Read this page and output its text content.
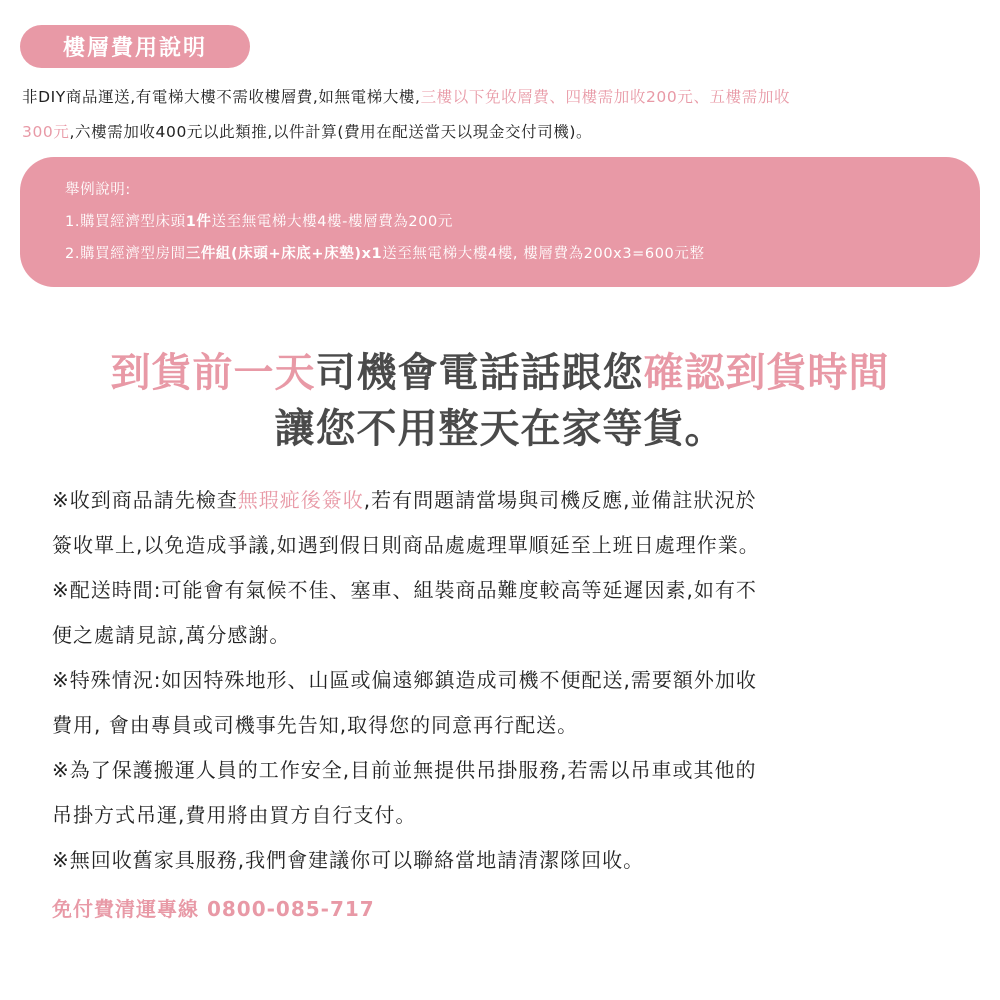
樓層費用說明
非DIY商品運送,有電梯大樓不需收樓層費,如無電梯大樓,三樓以下免收層費、四樓需加收200元、五樓需加收
300元,六樓需加收400元以此類推,以件計算(費用在配送當天以現金交付司機)。
舉例說明:
1.購買經濟型床頭1件送至無電梯大樓4樓-樓層費為200元
2.購買經濟型房間三件組(床頭+床底+床墊)x1送至無電梯大樓4樓, 樓層費為200x3=600元整
到貨前一天司機會電話話跟您確認到貨時間
讓您不用整天在家等貨。
※收到商品請先檢查無瑕疵後簽收,若有問題請當場與司機反應,並備註狀況於
簽收單上,以免造成爭議,如遇到假日則商品處處理單順延至上班日處理作業。
※配送時間:可能會有氣候不佳、塞車、組裝商品難度較高等延遲因素,如有不
便之處請見諒,萬分感謝。
※特殊情況:如因特殊地形、山區或偏遠鄉鎮造成司機不便配送,需要額外加收
費用, 會由專員或司機事先告知,取得您的同意再行配送。
※為了保護搬運人員的工作安全,目前並無提供吊掛服務,若需以吊車或其他的
吊掛方式吊運,費用將由買方自行支付。
※無回收舊家具服務,我們會建議你可以聯絡當地請清潔隊回收。
免付費清運專線 0800-085-717
